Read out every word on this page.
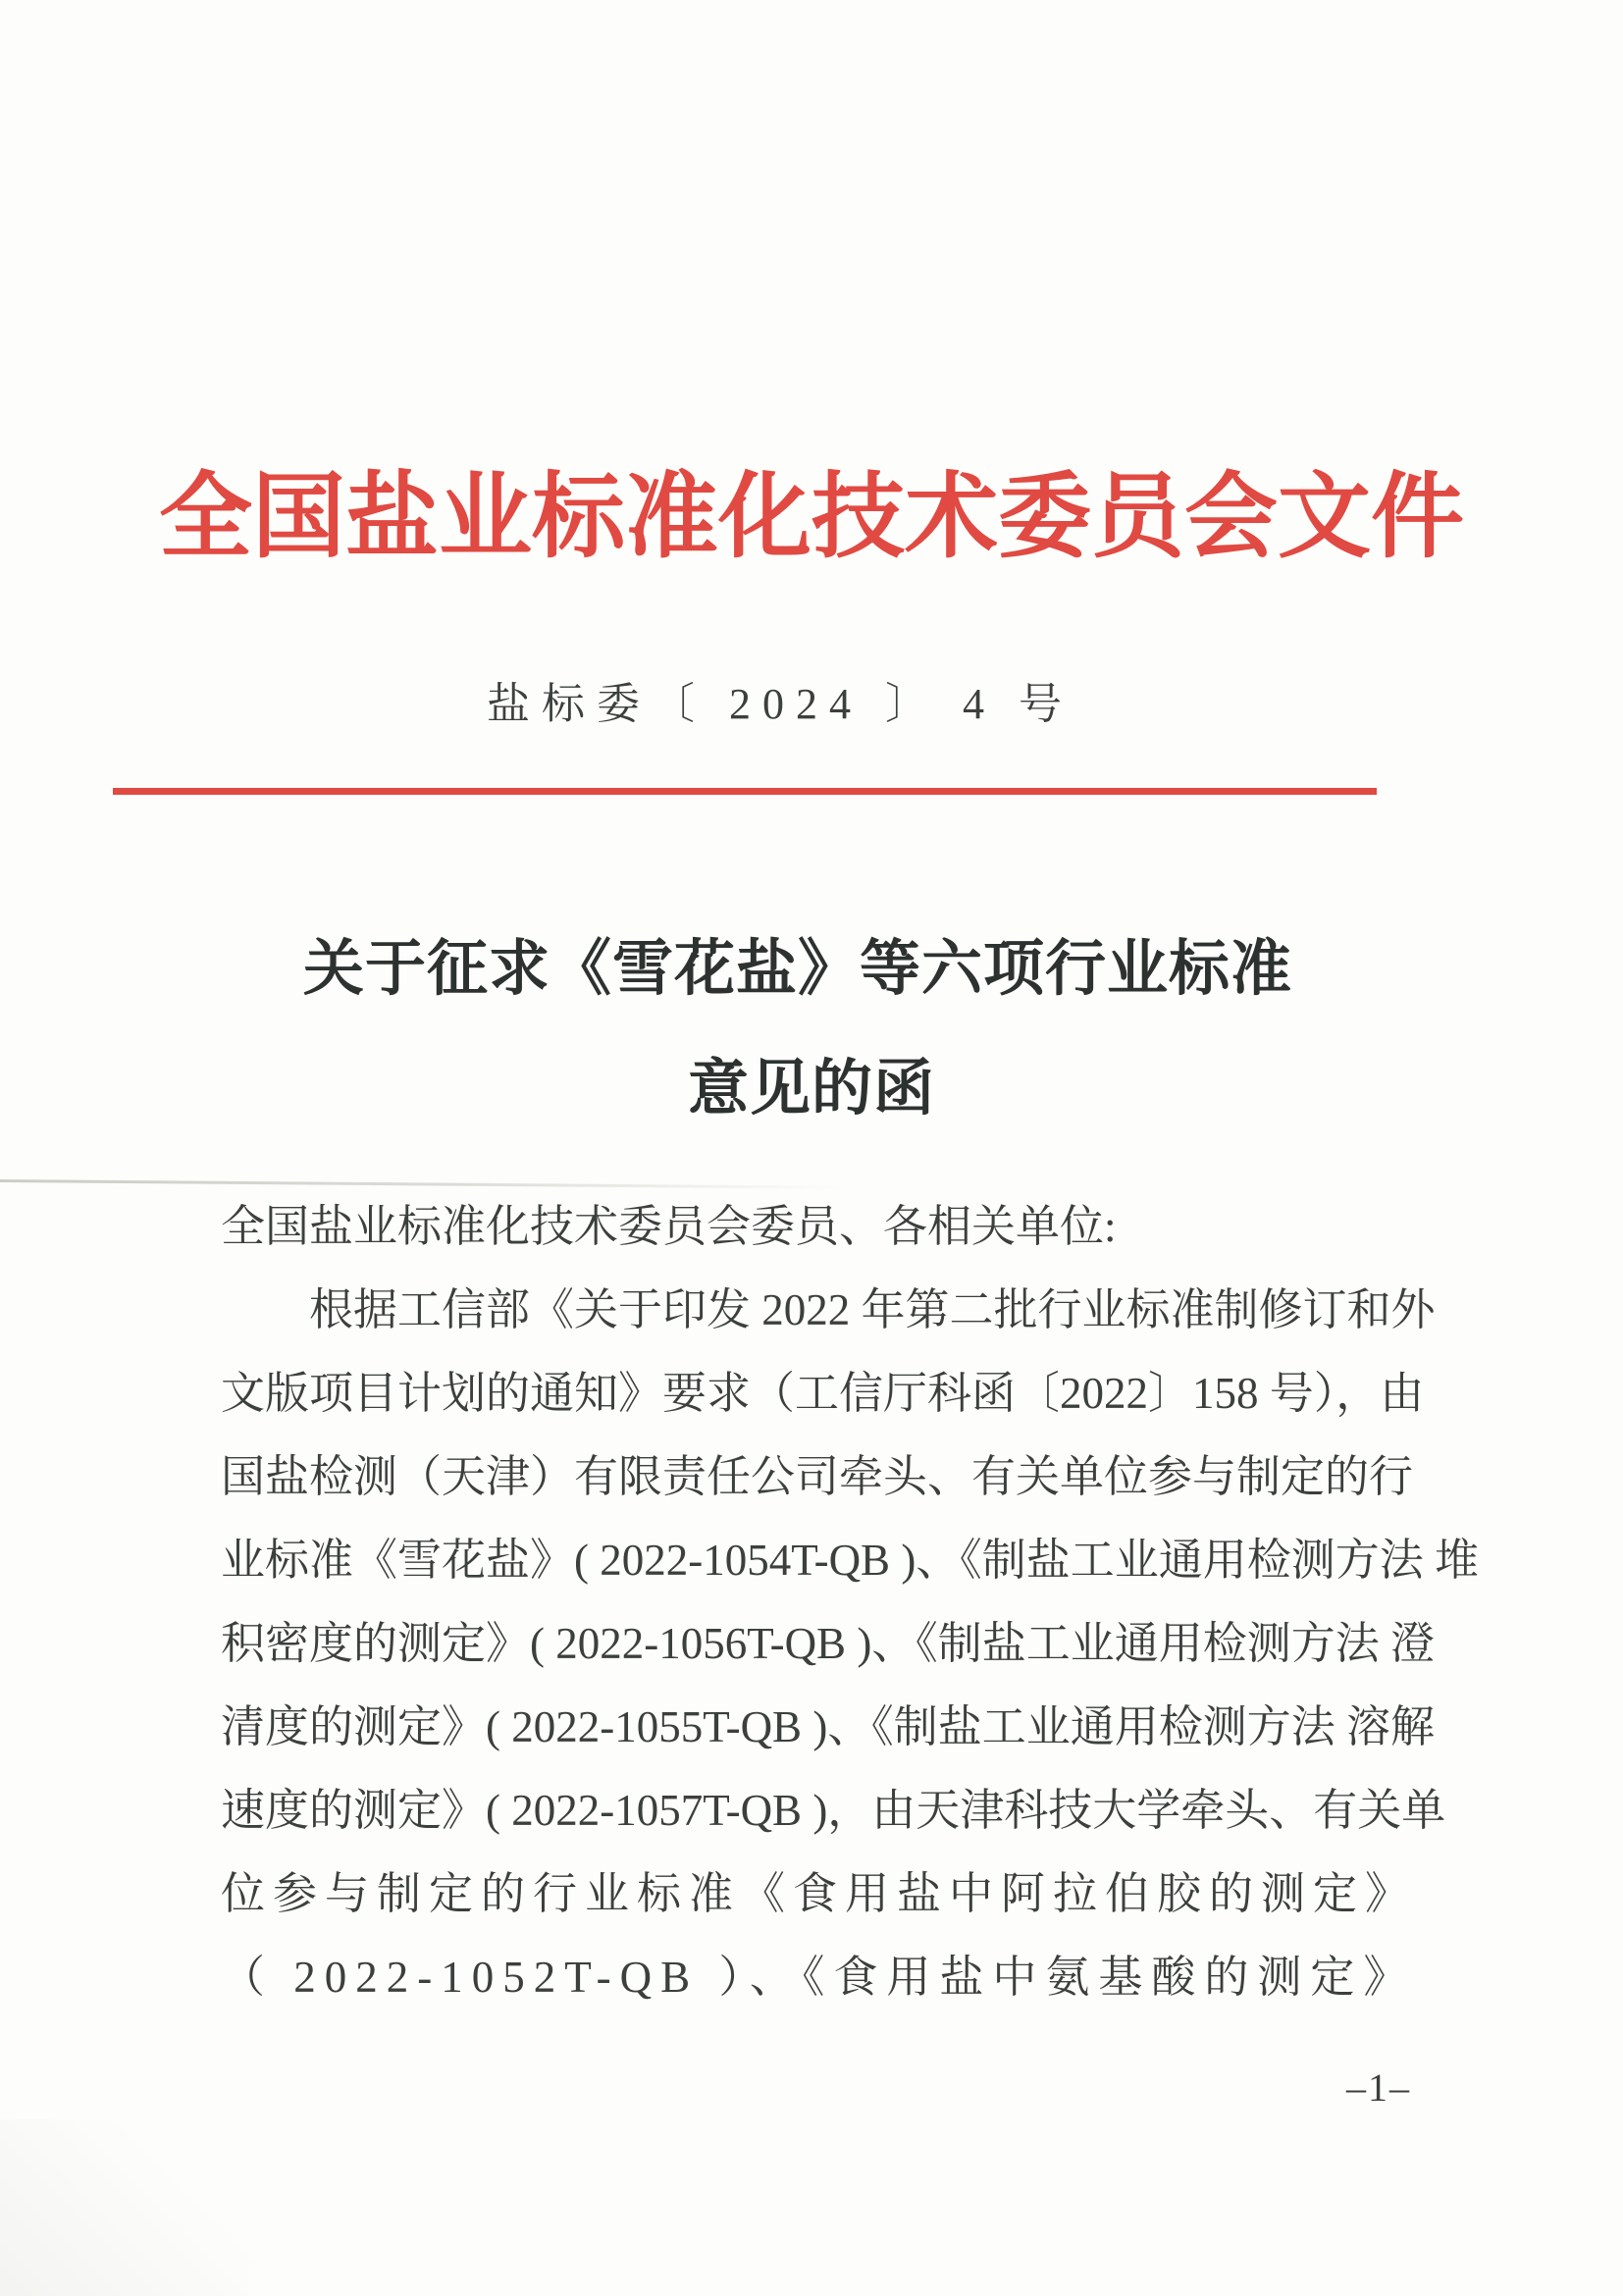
全国盐业标准化技术委员会文件
盐标委〔 2024 〕 4 号
关于征求《雪花盐》等六项行业标准
意见的函
全国盐业标准化技术委员会委员、各相关单位:
根据工信部《关于印发 2022 年第二批行业标准制修订和外
文版项目计划的通知》要求（工信厅科函〔2022〕158 号），由
国盐检测（天津）有限责任公司牵头、有关单位参与制定的行
业标准《雪花盐》( 2022-1054T-QB )、《制盐工业通用检测方法 堆
积密度的测定》( 2022-1056T-QB )、《制盐工业通用检测方法 澄
清度的测定》( 2022-1055T-QB )、《制盐工业通用检测方法 溶解
速度的测定》( 2022-1057T-QB )，由天津科技大学牵头、有关单
位参与制定的行业标准《食用盐中阿拉伯胶的测定》
（ 2022-1052T-QB ）、《食用盐中氨基酸的测定》
–1–
